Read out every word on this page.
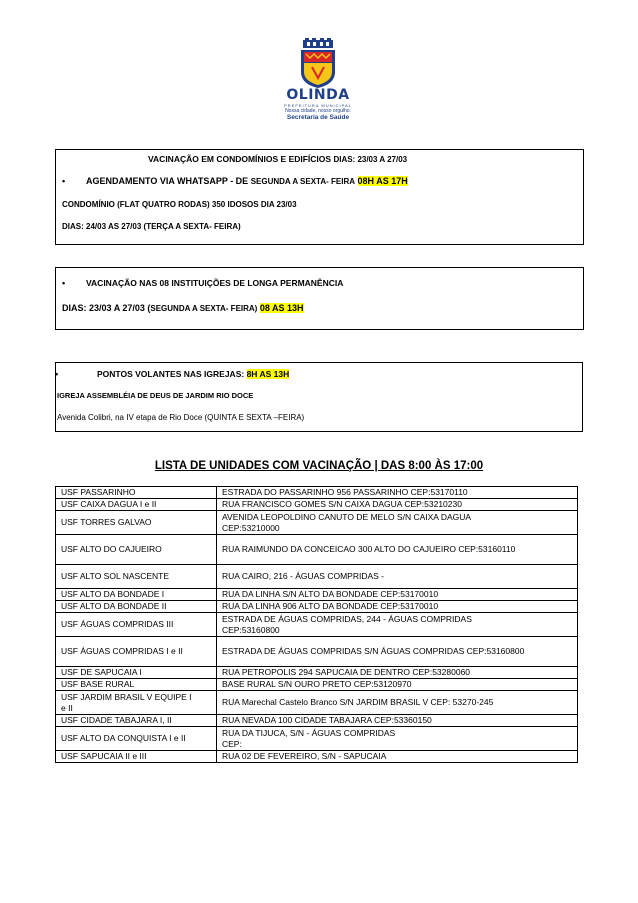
OLINDA
PREFEITURA MUNICIPAL
Nossa cidade, nosso orgulho.
Secretaria de Saúde
VACINAÇÃO EM CONDOMÍNIOS E EDIFÍCIOS DIAS: 23/03 A 27/03
• AGENDAMENTO VIA WHATSAPP - DE SEGUNDA A SEXTA- FEIRA 08H AS 17H
CONDOMÍNIO (FLAT QUATRO RODAS) 350 IDOSOS DIA 23/03
DIAS: 24/03 AS 27/03 (TERÇA A SEXTA- FEIRA)
• VACINAÇÃO NAS 08 INSTITUIÇÕES DE LONGA PERMANÊNCIA
DIAS: 23/03 A 27/03 (SEGUNDA A SEXTA- FEIRA) 08 AS 13H
•	PONTOS VOLANTES NAS IGREJAS: 8H AS 13H
IGREJA ASSEMBLÉIA DE DEUS DE JARDIM RIO DOCE
Avenida Colibri, na IV etapa de Rio Doce (QUINTA E SEXTA –FEIRA)
LISTA DE UNIDADES COM VACINAÇÃO | DAS 8:00 ÀS 17:00
USF PASSARINHO	ESTRADA DO PASSARINHO 956 PASSARINHO CEP:53170110
USF CAIXA DAGUA I e II	RUA FRANCISCO GOMES S/N CAIXA DAGUA CEP:53210230
USF TORRES GALVAO	AVENIDA LEOPOLDINO CANUTO DE MELO S/N CAIXA DAGUA
CEP:53210000
USF ALTO DO CAJUEIRO	RUA RAIMUNDO DA CONCEICAO 300 ALTO DO CAJUEIRO CEP:53160110
USF ALTO SOL NASCENTE	RUA CAIRO, 216 - ÁGUAS COMPRIDAS -
USF ALTO DA BONDADE I	RUA DA LINHA S/N ALTO DA BONDADE CEP:53170010
USF ALTO DA BONDADE II	RUA DA LINHA 906 ALTO DA BONDADE CEP:53170010
USF ÁGUAS COMPRIDAS III	ESTRADA DE ÁGUAS COMPRIDAS, 244 - ÁGUAS COMPRIDAS
CEP:53160800
USF ÁGUAS COMPRIDAS I e II	ESTRADA DE ÁGUAS COMPRIDAS S/N ÁGUAS COMPRIDAS CEP:53160800
USF DE SAPUCAIA I	RUA PETROPOLIS 294 SAPUCAIA DE DENTRO CEP:53280060
USF BASE RURAL	BASE RURAL S/N OURO PRETO CEP:53120970
USF JARDIM BRASIL V EQUIPE I
e II	RUA Marechal Castelo Branco S/N JARDIM BRASIL V CEP: 53270-245
USF CIDADE TABAJARA I, II	RUA NEVADA 100 CIDADE TABAJARA CEP:53360150
USF ALTO DA CONQUISTA I e II	RUA DA TIJUCA, S/N - ÁGUAS COMPRIDAS
CEP:
USF SAPUCAIA II e III	RUA 02 DE FEVEREIRO, S/N - SAPUCAIA
